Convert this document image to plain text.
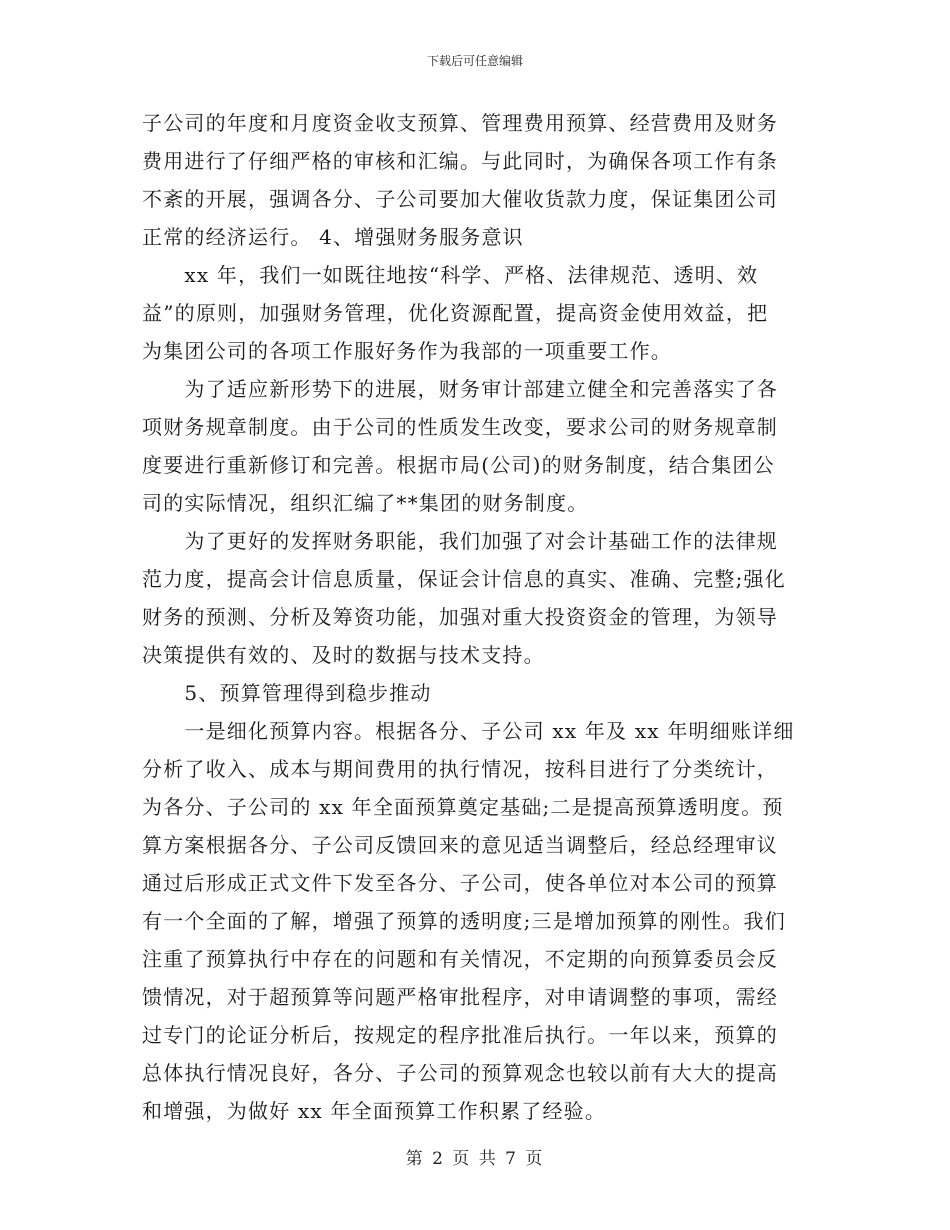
下载后可任意编辑
子公司的年度和月度资金收支预算、管理费用预算、经营费用及财务
费用进行了仔细严格的审核和汇编。与此同时，为确保各项工作有条
不紊的开展，强调各分、子公司要加大催收货款力度，保证集团公司
正常的经济运行。 4、增强财务服务意识
　　xx 年，我们一如既往地按“科学、严格、法律规范、透明、效
益”的原则，加强财务管理，优化资源配置，提高资金使用效益，把
为集团公司的各项工作服好务作为我部的一项重要工作。
　　为了适应新形势下的进展，财务审计部建立健全和完善落实了各
项财务规章制度。由于公司的性质发生改变，要求公司的财务规章制
度要进行重新修订和完善。根据市局(公司)的财务制度，结合集团公
司的实际情况，组织汇编了**集团的财务制度。
　　为了更好的发挥财务职能，我们加强了对会计基础工作的法律规
范力度，提高会计信息质量，保证会计信息的真实、准确、完整;强化
财务的预测、分析及筹资功能，加强对重大投资资金的管理，为领导
决策提供有效的、及时的数据与技术支持。
　　5、预算管理得到稳步推动
　　一是细化预算内容。根据各分、子公司 xx 年及 xx 年明细账详细
分析了收入、成本与期间费用的执行情况，按科目进行了分类统计，
为各分、子公司的 xx 年全面预算奠定基础;二是提高预算透明度。预
算方案根据各分、子公司反馈回来的意见适当调整后，经总经理审议
通过后形成正式文件下发至各分、子公司，使各单位对本公司的预算
有一个全面的了解，增强了预算的透明度;三是增加预算的刚性。我们
注重了预算执行中存在的问题和有关情况，不定期的向预算委员会反
馈情况，对于超预算等问题严格审批程序，对申请调整的事项，需经
过专门的论证分析后，按规定的程序批准后执行。一年以来，预算的
总体执行情况良好，各分、子公司的预算观念也较以前有大大的提高
和增强，为做好 xx 年全面预算工作积累了经验。
第 2 页 共 7 页
